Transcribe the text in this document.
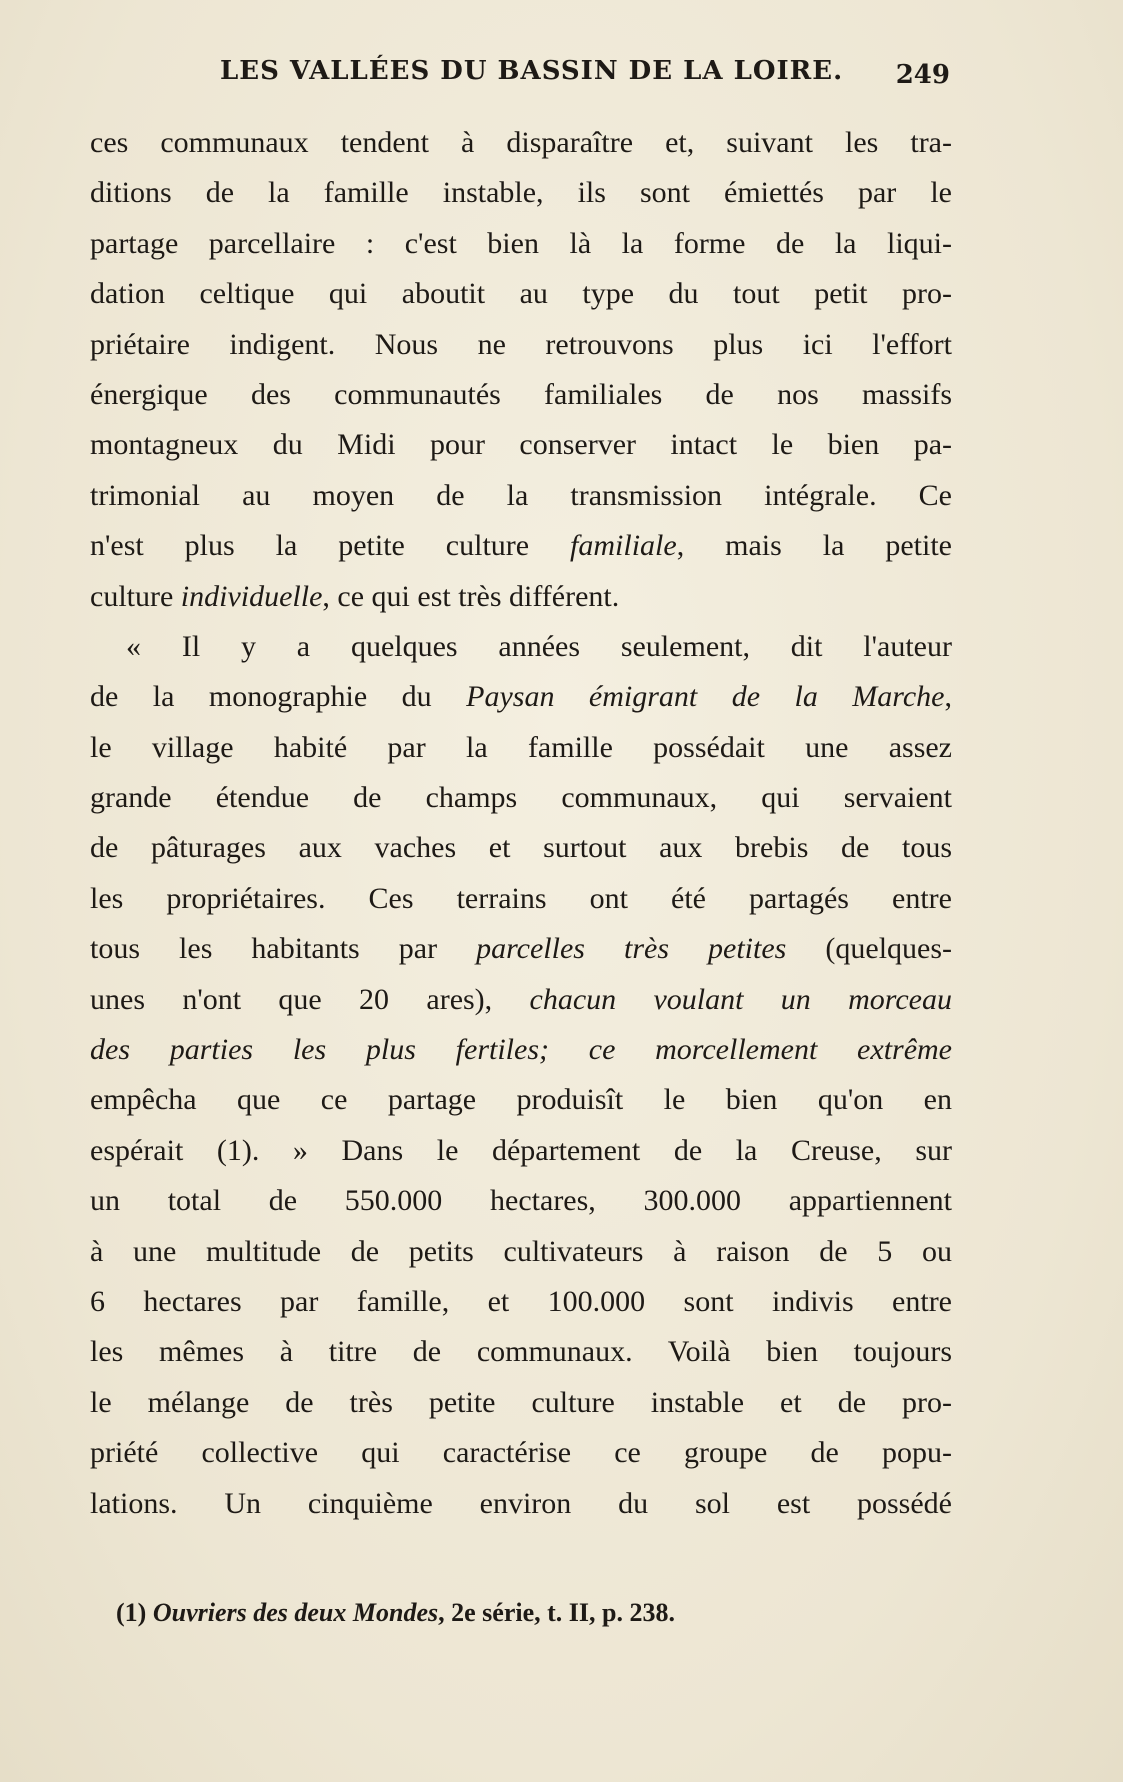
LES VALLÉES DU BASSIN DE LA LOIRE. 249
ces communaux tendent à disparaître et, suivant les tra-
ditions de la famille instable, ils sont émiettés par le
partage parcellaire : c'est bien là la forme de la liqui-
dation celtique qui aboutit au type du tout petit pro-
priétaire indigent. Nous ne retrouvons plus ici l'effort
énergique des communautés familiales de nos massifs
montagneux du Midi pour conserver intact le bien pa-
trimonial au moyen de la transmission intégrale. Ce
n'est plus la petite culture familiale, mais la petite
culture individuelle, ce qui est très différent.
« Il y a quelques années seulement, dit l'auteur
de la monographie du Paysan émigrant de la Marche,
le village habité par la famille possédait une assez
grande étendue de champs communaux, qui servaient
de pâturages aux vaches et surtout aux brebis de tous
les propriétaires. Ces terrains ont été partagés entre
tous les habitants par parcelles très petites (quelques-
unes n'ont que 20 ares), chacun voulant un morceau
des parties les plus fertiles; ce morcellement extrême
empêcha que ce partage produisît le bien qu'on en
espérait (1). » Dans le département de la Creuse, sur
un total de 550.000 hectares, 300.000 appartiennent
à une multitude de petits cultivateurs à raison de 5 ou
6 hectares par famille, et 100.000 sont indivis entre
les mêmes à titre de communaux. Voilà bien toujours
le mélange de très petite culture instable et de pro-
priété collective qui caractérise ce groupe de popu-
lations. Un cinquième environ du sol est possédé
(1) Ouvriers des deux Mondes, 2e série, t. II, p. 238.
